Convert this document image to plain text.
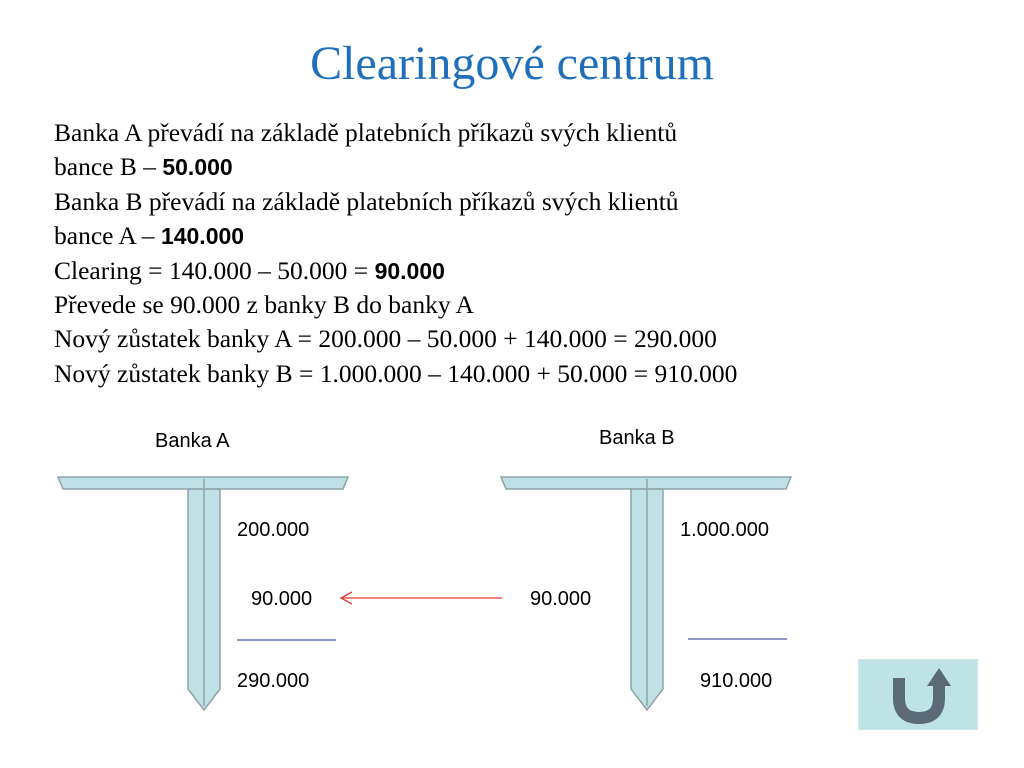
Clearingové centrum
Banka A převádí na základě platebních příkazů svých klientů
bance B – 50.000
Banka B převádí na základě platebních příkazů svých klientů
bance A – 140.000
Clearing = 140.000 – 50.000 = 90.000
Převede se 90.000 z banky B do banky A
Nový zůstatek banky A = 200.000 – 50.000 + 140.000 = 290.000
Nový zůstatek banky B = 1.000.000 – 140.000 + 50.000 = 910.000
Banka A
200.000
90.000
290.000
Banka B
1.000.000
90.000
910.000
